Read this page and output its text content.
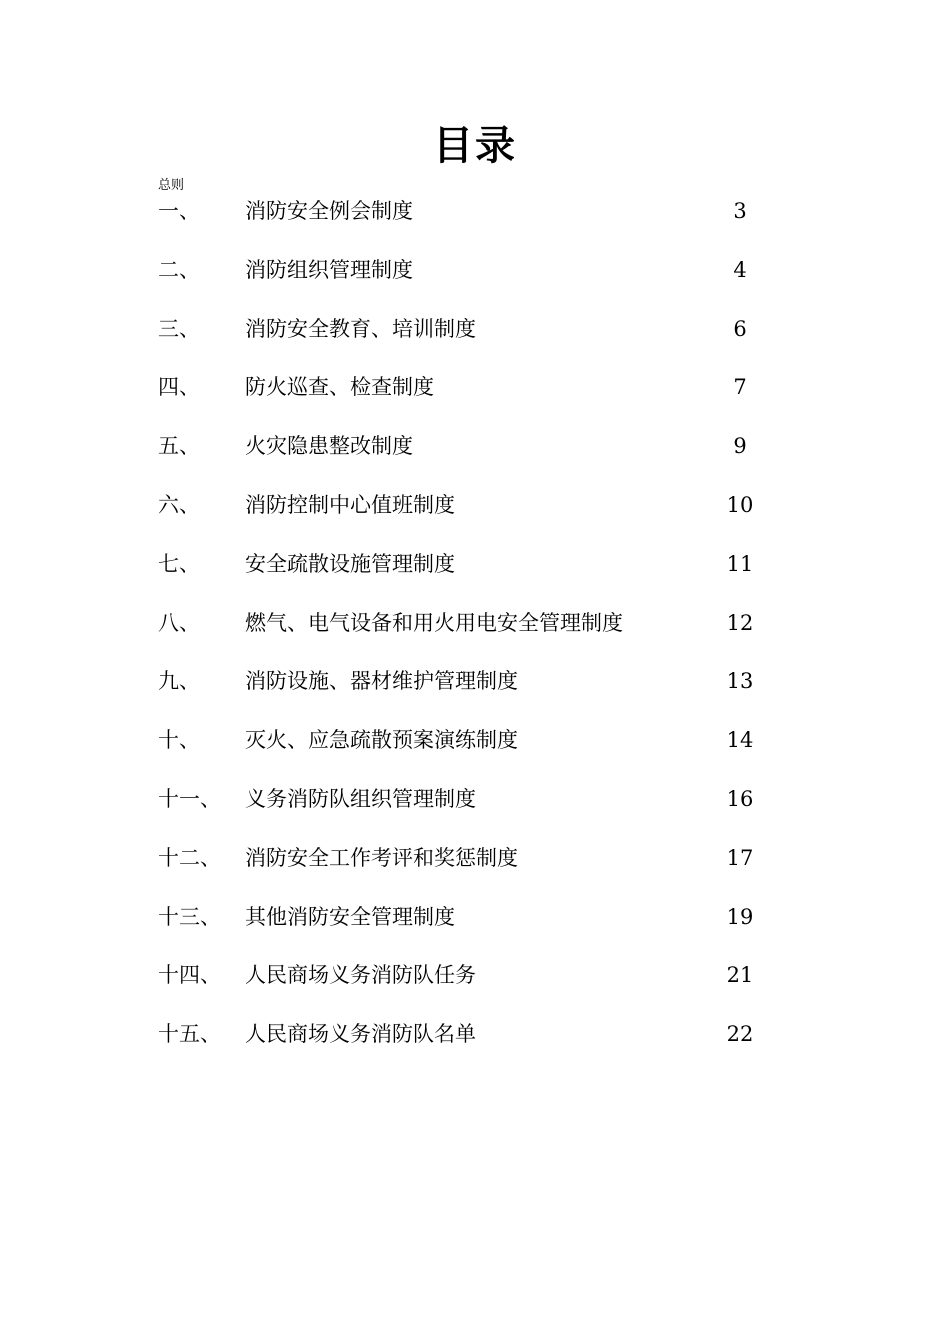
目录
总则
一、 消防安全例会制度	3
二、 消防组织管理制度	4
三、 消防安全教育、培训制度	6
四、 防火巡查、检查制度	7
五、 火灾隐患整改制度	9
六、 消防控制中心值班制度	10
七、 安全疏散设施管理制度	11
八、 燃气、电气设备和用火用电安全管理制度	12
九、 消防设施、器材维护管理制度	13
十、 灭火、应急疏散预案演练制度	14
十一、 义务消防队组织管理制度	16
十二、 消防安全工作考评和奖惩制度	17
十三、 其他消防安全管理制度	19
十四、 人民商场义务消防队任务	21
十五、 人民商场义务消防队名单	22
